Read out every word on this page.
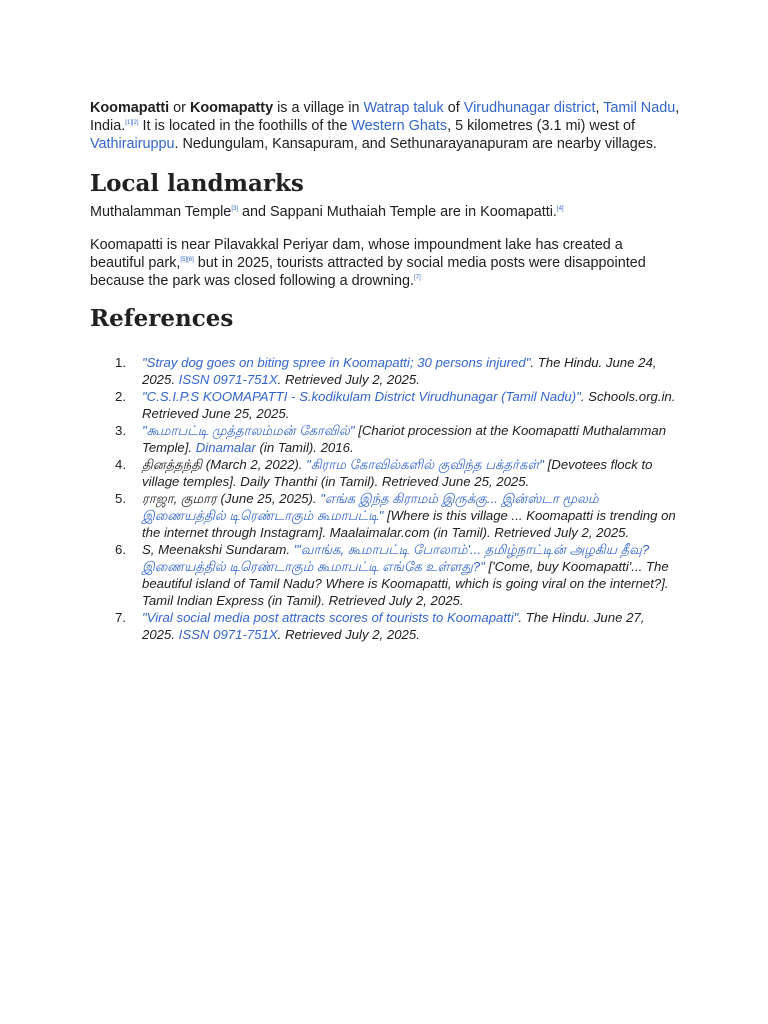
Koomapatti or Koomapatty is a village in Watrap taluk of Virudhunagar district, Tamil Nadu, India.[1][2] It is located in the foothills of the Western Ghats, 5 kilometres (3.1 mi) west of Vathirairuppu. Nedungulam, Kansapuram, and Sethunarayanapuram are nearby villages.

Local landmarks

Muthalamman Temple[3] and Sappani Muthaiah Temple are in Koomapatti.[4]

Koomapatti is near Pilavakkal Periyar dam, whose impoundment lake has created a beautiful park,[5][6] but in 2025, tourists attracted by social media posts were disappointed because the park was closed following a drowning.[7]

References
1.	"Stray dog goes on biting spree in Koomapatti; 30 persons injured". The Hindu. June 24, 2025. ISSN 0971-751X. Retrieved July 2, 2025.
2.	"C.S.I.P.S KOOMAPATTI - S.kodikulam District Virudhunagar (Tamil Nadu)". Schools.org.in. Retrieved June 25, 2025.
3.	"கூமாபட்டி முத்தாலம்மன் கோவில்" [Chariot procession at the Koomapatti Muthalamman Temple]. Dinamalar (in Tamil). 2016.
4.	தினத்தந்தி (March 2, 2022). "கிராம கோவில்களில் குவிந்த பக்தர்கள்" [Devotees flock to village temples]. Daily Thanthi (in Tamil). Retrieved June 25, 2025.
5.	ராஜா, குமார (June 25, 2025). "எங்க இந்த கிராமம் இருக்கு... இன்ஸ்டா மூலம் இணையத்தில் டிரெண்டாகும் கூமாபட்டி" [Where is this village ... Koomapatti is trending on the internet through Instagram]. Maalaimalar.com (in Tamil). Retrieved July 2, 2025.
6.	S, Meenakshi Sundaram. "'வாங்க, கூமாபட்டி போலாம்'... தமிழ்நாட்டின் அழகிய தீவு? இணையத்தில் டிரெண்டாகும் கூமாபட்டி எங்கே உள்ளது?" ['Come, buy Koomapatti'... The beautiful island of Tamil Nadu? Where is Koomapatti, which is going viral on the internet?]. Tamil Indian Express (in Tamil). Retrieved July 2, 2025.
7.	"Viral social media post attracts scores of tourists to Koomapatti". The Hindu. June 27, 2025. ISSN 0971-751X. Retrieved July 2, 2025.
